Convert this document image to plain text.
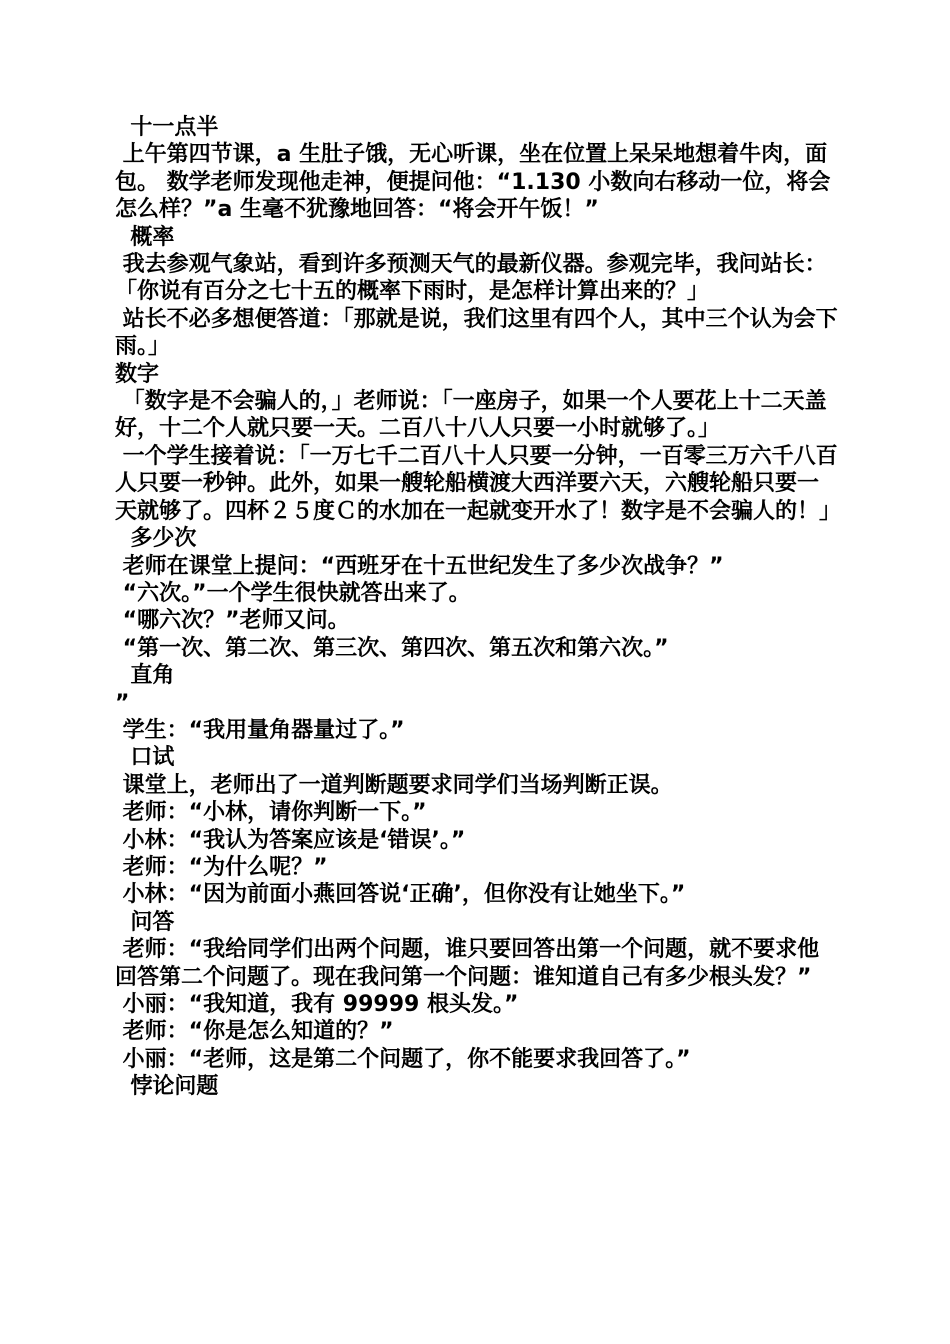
十一点半

上午第四节课，a 生肚子饿，无心听课，坐在位置上呆呆地想着牛肉，面包。 数学老师发现他走神，便提问他：“1.130 小数向右移动一位，将会怎么样？”a 生毫不犹豫地回答：“将会开午饭！”

概率

我去参观气象站，看到许多预测天气的最新仪器。参观完毕，我问站长：「你说有百分之七十五的概率下雨时，是怎样计算出来的？」

站长不必多想便答道：「那就是说，我们这里有四个人，其中三个认为会下雨。」

数字

「数字是不会骗人的，」老师说：「一座房子，如果一个人要花上十二天盖好，十二个人就只要一天。二百八十八人只要一小时就够了。」

一个学生接着说：「一万七千二百八十人只要一分钟，一百零三万六千八百人只要一秒钟。此外，如果一艘轮船横渡大西洋要六天，六艘轮船只要一天就够了。四杯２５度Ｃ的水加在一起就变开水了！数字是不会骗人的！」

多少次

老师在课堂上提问：“西班牙在十五世纪发生了多少次战争？”

“六次。”一个学生很快就答出来了。

“哪六次？”老师又问。

“第一次、第二次、第三次、第四次、第五次和第六次。”

直角

”

学生：“我用量角器量过了。”

口试

课堂上，老师出了一道判断题要求同学们当场判断正误。

老师：“小林，请你判断一下。”

小林：“我认为答案应该是‘错误’。”

老师：“为什么呢？”

小林：“因为前面小燕回答说‘正确’，但你没有让她坐下。”

问答

老师：“我给同学们出两个问题，谁只要回答出第一个问题，就不要求他回答第二个问题了。现在我问第一个问题：谁知道自己有多少根头发？”

小丽：“我知道，我有 99999 根头发。”

老师：“你是怎么知道的？”

小丽：“老师，这是第二个问题了，你不能要求我回答了。”

悖论问题
